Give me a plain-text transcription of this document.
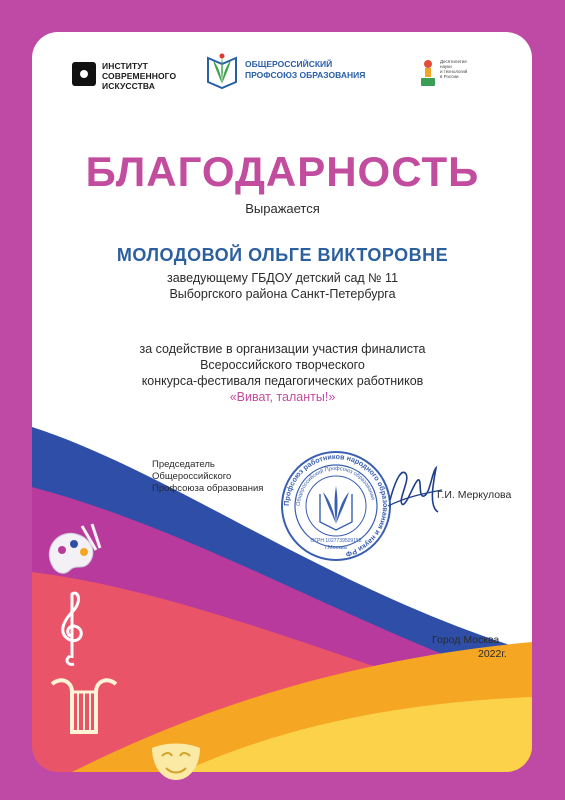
ИНСТИТУТ
СОВРЕМЕННОГО
ИСКУССТВА
ОБЩЕРОССИЙСКИЙ
ПРОФСОЮЗ ОБРАЗОВАНИЯ
Десятилетие
науки
и технологий
в России
БЛАГОДАРНОСТЬ
Выражается
МОЛОДОВОЙ ОЛЬГЕ ВИКТОРОВНЕ
заведующему ГБДОУ детский сад № 11
Выборгского района Санкт-Петербурга
за содействие в организации участия финалиста
Всероссийского творческого
конкурса-фестиваля педагогических работников
«Виват, таланты!»
Председатель
Общероссийского
Профсоюза образования
Профсоюз работников народного образования и науки РФ
Общероссийский Профсоюз образования
ОГРН 1027739509158
г.Москва
Г.И. Меркулова
Город Москва
2022г.
